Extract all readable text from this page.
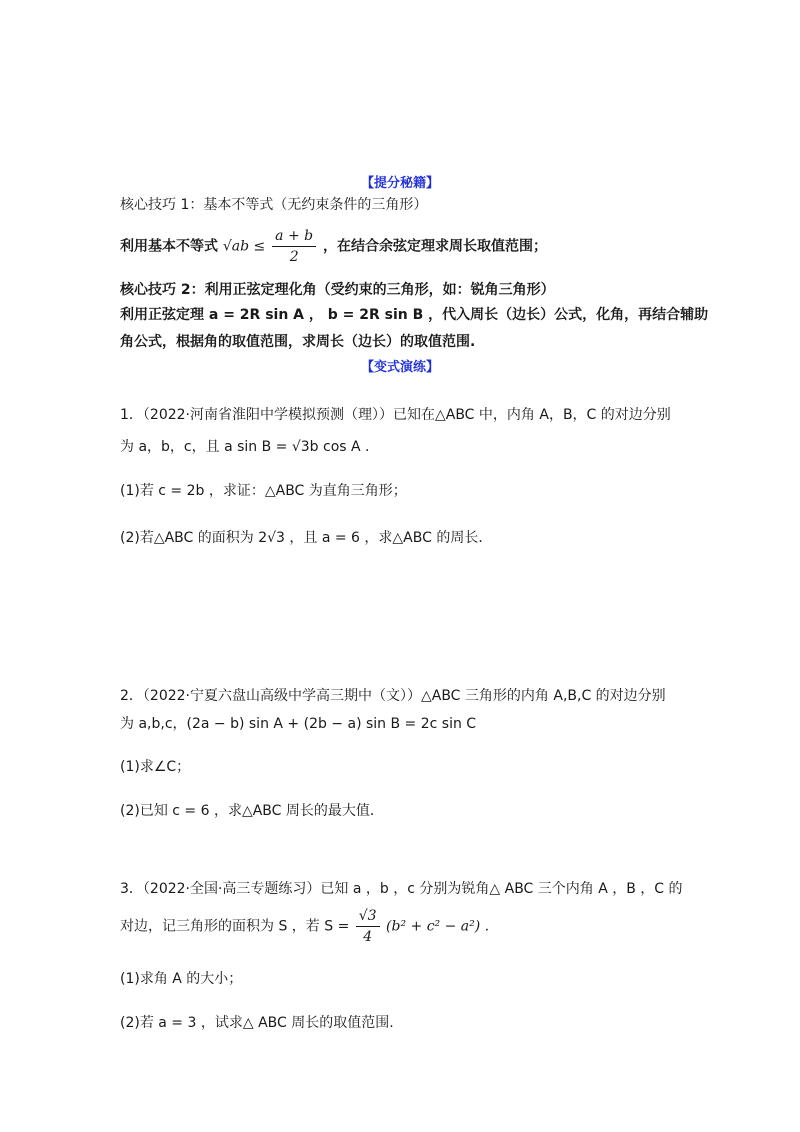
【提分秘籍】
核心技巧 1：基本不等式（无约束条件的三角形）
利用基本不等式 $√ab \le \frac{a + b}{2}$ ，在结合余弦定理求周长取值范围；
核心技巧 2：利用正弦定理化角（受约束的三角形，如：锐角三角形）
利用正弦定理 a = 2R sin A ， b = 2R sin B ，代入周长（边长）公式，化角，再结合辅助
角公式，根据角的取值范围，求周长（边长）的取值范围.
【变式演练】
1．（2022·河南省淮阳中学模拟预测（理））已知在△ABC 中，内角 A，B，C 的对边分别
为 a，b，c，且 a sin B = √3b cos A .
(1)若 c = 2b ，求证：△ABC 为直角三角形；
(2)若△ABC 的面积为 2√3 ，且 a = 6 ，求△ABC 的周长．
2．（2022·宁夏六盘山高级中学高三期中（文））△ABC 三角形的内角 A,B,C 的对边分别
为 a,b,c，(2a − b) sin A + (2b − a) sin B = 2c sin C
(1)求∠C；
(2)已知 c = 6 ，求△ABC 周长的最大值．
3．（2022·全国·高三专题练习）已知 a ，b ，c 分别为锐角△ ABC 三个内角 A ，B ，C 的
对边，记三角形的面积为 S ，若 $S = \frac{√3}{4} (b^2 + c^2 - a^2)$ .
(1)求角 A 的大小；
(2)若 a = 3 ，试求△ ABC 周长的取值范围.
